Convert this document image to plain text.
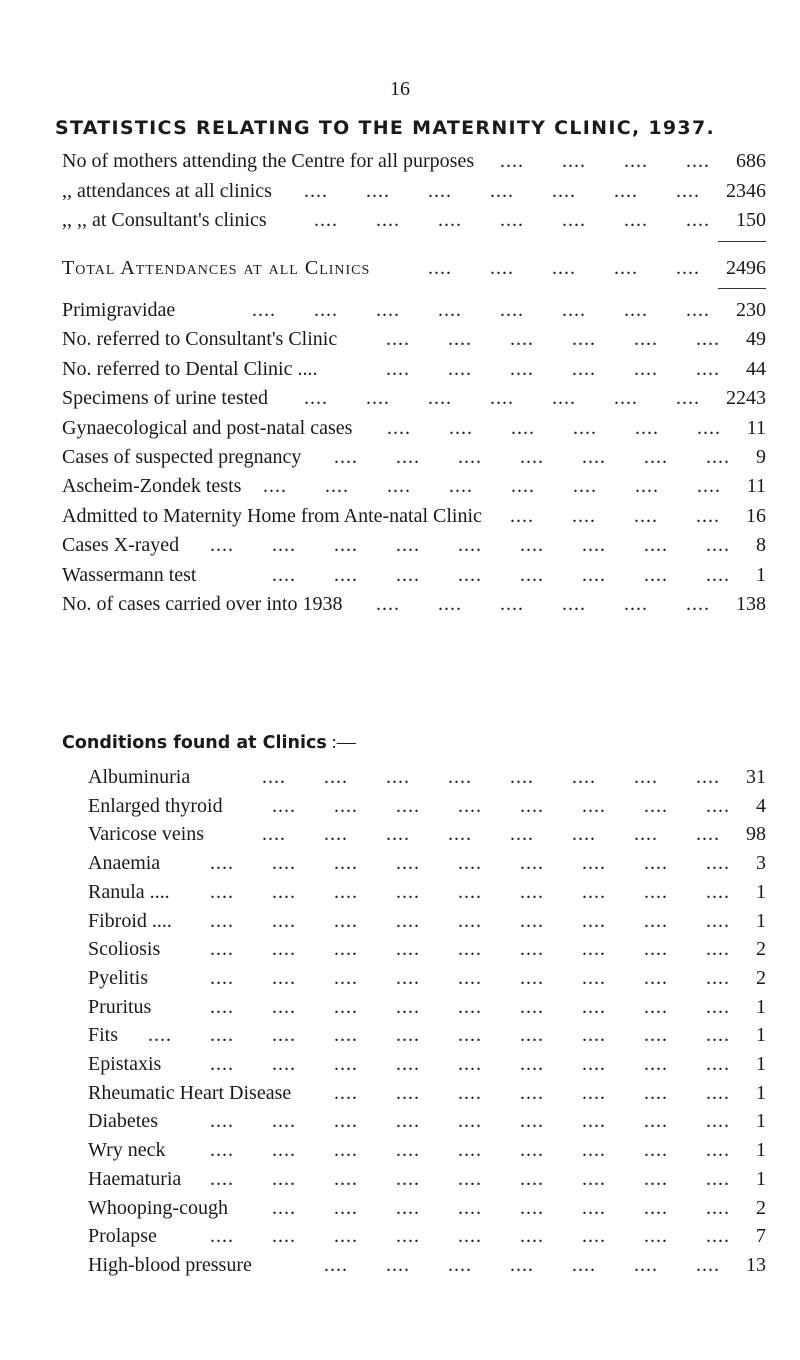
16
STATISTICS RELATING TO THE MATERNITY CLINIC, 1937.
No of mothers attending the Centre for all purposes	686
....
....
....
....
,, attendances at all clinics	2346
....
....
....
....
....
....
....
,, ,, at Consultant's clinics	150
....
....
....
....
....
....
....
Total Attendances at all Clinics	2496
....
....
....
....
....
Primigravidae	230
....
....
....
....
....
....
....
....
No. referred to Consultant's Clinic	49
....
....
....
....
....
....
No. referred to Dental Clinic ....	44
....
....
....
....
....
....
Specimens of urine tested	2243
....
....
....
....
....
....
....
Gynaecological and post-natal cases	11
....
....
....
....
....
....
Cases of suspected pregnancy	9
....
....
....
....
....
....
....
Ascheim-Zondek tests	11
....
....
....
....
....
....
....
....
Admitted to Maternity Home from Ante-natal Clinic	16
....
....
....
....
Cases X-rayed	8
....
....
....
....
....
....
....
....
....
Wassermann test	1
....
....
....
....
....
....
....
....
No. of cases carried over into 1938	138
....
....
....
....
....
....
Conditions found at Clinics :—
Albuminuria	31
....
....
....
....
....
....
....
....
Enlarged thyroid	4
....
....
....
....
....
....
....
....
Varicose veins	98
....
....
....
....
....
....
....
....
Anaemia	3
....
....
....
....
....
....
....
....
....
Ranula ....	1
....
....
....
....
....
....
....
....
....
Fibroid ....	1
....
....
....
....
....
....
....
....
....
Scoliosis	2
....
....
....
....
....
....
....
....
....
Pyelitis	2
....
....
....
....
....
....
....
....
....
Pruritus	1
....
....
....
....
....
....
....
....
....
Fits	1
....
....
....
....
....
....
....
....
....
....
Epistaxis	1
....
....
....
....
....
....
....
....
....
Rheumatic Heart Disease	1
....
....
....
....
....
....
....
Diabetes	1
....
....
....
....
....
....
....
....
....
Wry neck	1
....
....
....
....
....
....
....
....
....
Haematuria	1
....
....
....
....
....
....
....
....
....
Whooping-cough	2
....
....
....
....
....
....
....
....
Prolapse	7
....
....
....
....
....
....
....
....
....
High-blood pressure	13
....
....
....
....
....
....
....
